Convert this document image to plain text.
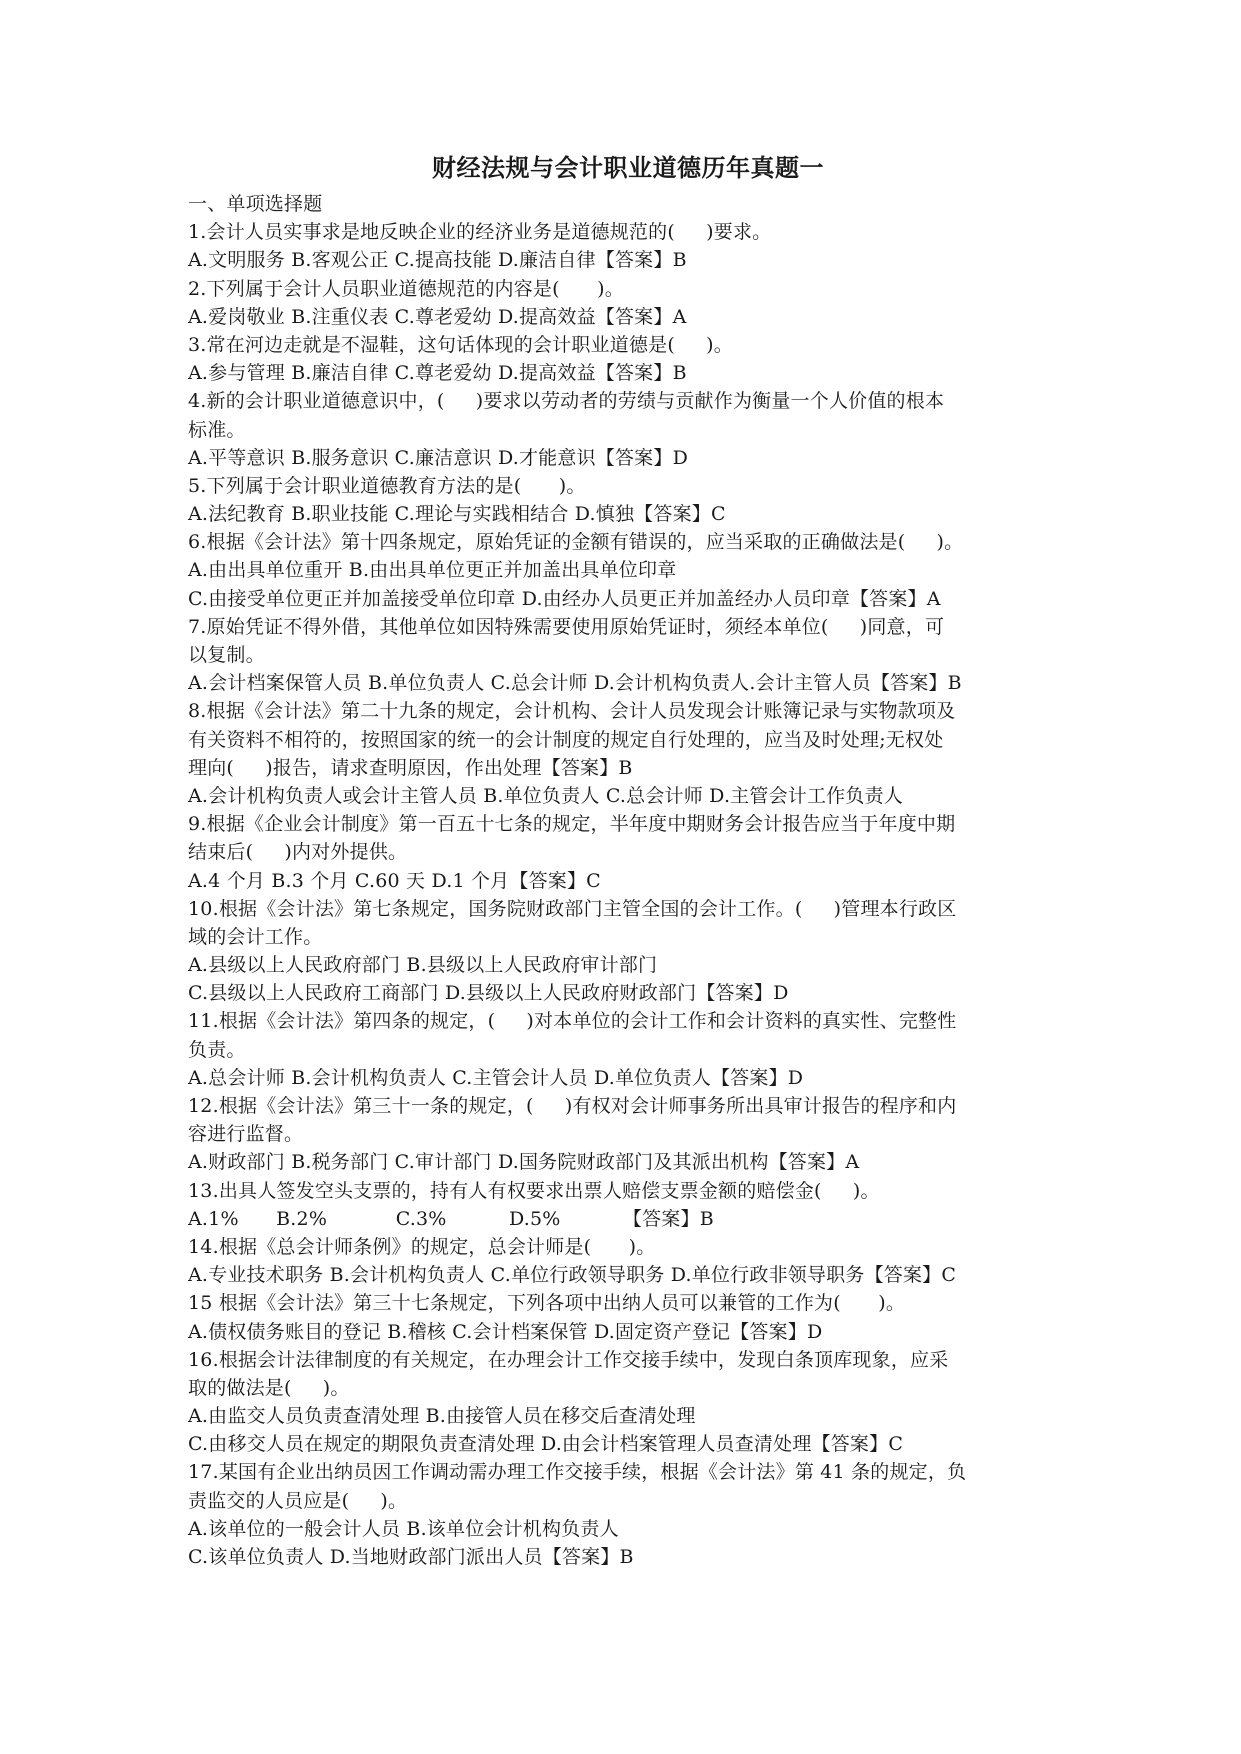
财经法规与会计职业道德历年真题一
一、单项选择题
1.会计人员实事求是地反映企业的经济业务是道德规范的(     )要求。
A.文明服务 B.客观公正 C.提高技能 D.廉洁自律【答案】B
2.下列属于会计人员职业道德规范的内容是(      )。
A.爱岗敬业 B.注重仪表 C.尊老爱幼 D.提高效益【答案】A
3.常在河边走就是不湿鞋，这句话体现的会计职业道德是(     )。
A.参与管理 B.廉洁自律 C.尊老爱幼 D.提高效益【答案】B
4.新的会计职业道德意识中，(     )要求以劳动者的劳绩与贡献作为衡量一个人价值的根本
标准。
A.平等意识 B.服务意识 C.廉洁意识 D.才能意识【答案】D
5.下列属于会计职业道德教育方法的是(      )。
A.法纪教育 B.职业技能 C.理论与实践相结合 D.慎独【答案】C
6.根据《会计法》第十四条规定，原始凭证的金额有错误的，应当采取的正确做法是(     )。
A.由出具单位重开 B.由出具单位更正并加盖出具单位印章
C.由接受单位更正并加盖接受单位印章 D.由经办人员更正并加盖经办人员印章【答案】A
7.原始凭证不得外借，其他单位如因特殊需要使用原始凭证时，须经本单位(     )同意，可
以复制。
A.会计档案保管人员 B.单位负责人 C.总会计师 D.会计机构负责人.会计主管人员【答案】B
8.根据《会计法》第二十九条的规定，会计机构、会计人员发现会计账簿记录与实物款项及
有关资料不相符的，按照国家的统一的会计制度的规定自行处理的，应当及时处理;无权处
理向(     )报告，请求查明原因，作出处理【答案】B
A.会计机构负责人或会计主管人员 B.单位负责人 C.总会计师 D.主管会计工作负责人
9.根据《企业会计制度》第一百五十七条的规定，半年度中期财务会计报告应当于年度中期
结束后(     )内对外提供。
A.4 个月 B.3 个月 C.60 天 D.1 个月【答案】C
10.根据《会计法》第七条规定，国务院财政部门主管全国的会计工作。(     )管理本行政区
域的会计工作。
A.县级以上人民政府部门 B.县级以上人民政府审计部门
C.县级以上人民政府工商部门 D.县级以上人民政府财政部门【答案】D
11.根据《会计法》第四条的规定，(     )对本单位的会计工作和会计资料的真实性、完整性
负责。
A.总会计师 B.会计机构负责人 C.主管会计人员 D.单位负责人【答案】D
12.根据《会计法》第三十一条的规定，(     )有权对会计师事务所出具审计报告的程序和内
容进行监督。
A.财政部门 B.税务部门 C.审计部门 D.国务院财政部门及其派出机构【答案】A
13.出具人签发空头支票的，持有人有权要求出票人赔偿支票金额的赔偿金(     )。
A.1%      B.2%           C.3%          D.5%          【答案】B
14.根据《总会计师条例》的规定，总会计师是(      )。
A.专业技术职务 B.会计机构负责人 C.单位行政领导职务 D.单位行政非领导职务【答案】C
15 根据《会计法》第三十七条规定，下列各项中出纳人员可以兼管的工作为(      )。
A.债权债务账目的登记 B.稽核 C.会计档案保管 D.固定资产登记【答案】D
16.根据会计法律制度的有关规定，在办理会计工作交接手续中，发现白条顶库现象，应采
取的做法是(     )。
A.由监交人员负责查清处理 B.由接管人员在移交后查清处理
C.由移交人员在规定的期限负责查清处理 D.由会计档案管理人员查清处理【答案】C
17.某国有企业出纳员因工作调动需办理工作交接手续，根据《会计法》第 41 条的规定，负
责监交的人员应是(     )。
A.该单位的一般会计人员 B.该单位会计机构负责人
C.该单位负责人 D.当地财政部门派出人员【答案】B
